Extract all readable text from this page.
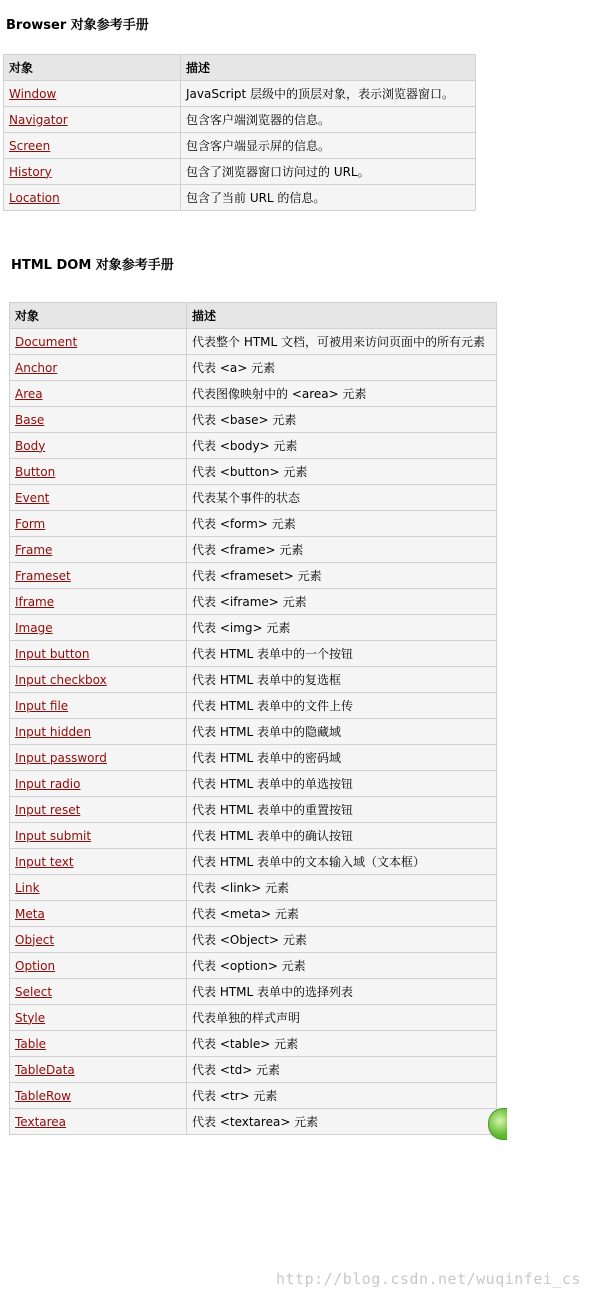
Browser 对象参考手册
对象	描述
Window	JavaScript 层级中的顶层对象，表示浏览器窗口。
Navigator	包含客户端浏览器的信息。
Screen	包含客户端显示屏的信息。
History	包含了浏览器窗口访问过的 URL。
Location	包含了当前 URL 的信息。
HTML DOM 对象参考手册
对象	描述
Document	代表整个 HTML 文档，可被用来访问页面中的所有元素
Anchor	代表 <a> 元素
Area	代表图像映射中的 <area> 元素
Base	代表 <base> 元素
Body	代表 <body> 元素
Button	代表 <button> 元素
Event	代表某个事件的状态
Form	代表 <form> 元素
Frame	代表 <frame> 元素
Frameset	代表 <frameset> 元素
Iframe	代表 <iframe> 元素
Image	代表 <img> 元素
Input button	代表 HTML 表单中的一个按钮
Input checkbox	代表 HTML 表单中的复选框
Input file	代表 HTML 表单中的文件上传
Input hidden	代表 HTML 表单中的隐藏域
Input password	代表 HTML 表单中的密码域
Input radio	代表 HTML 表单中的单选按钮
Input reset	代表 HTML 表单中的重置按钮
Input submit	代表 HTML 表单中的确认按钮
Input text	代表 HTML 表单中的文本输入域（文本框）
Link	代表 <link> 元素
Meta	代表 <meta> 元素
Object	代表 <Object> 元素
Option	代表 <option> 元素
Select	代表 HTML 表单中的选择列表
Style	代表单独的样式声明
Table	代表 <table> 元素
TableData	代表 <td> 元素
TableRow	代表 <tr> 元素
Textarea	代表 <textarea> 元素
http://blog.csdn.net/wuqinfei_cs
